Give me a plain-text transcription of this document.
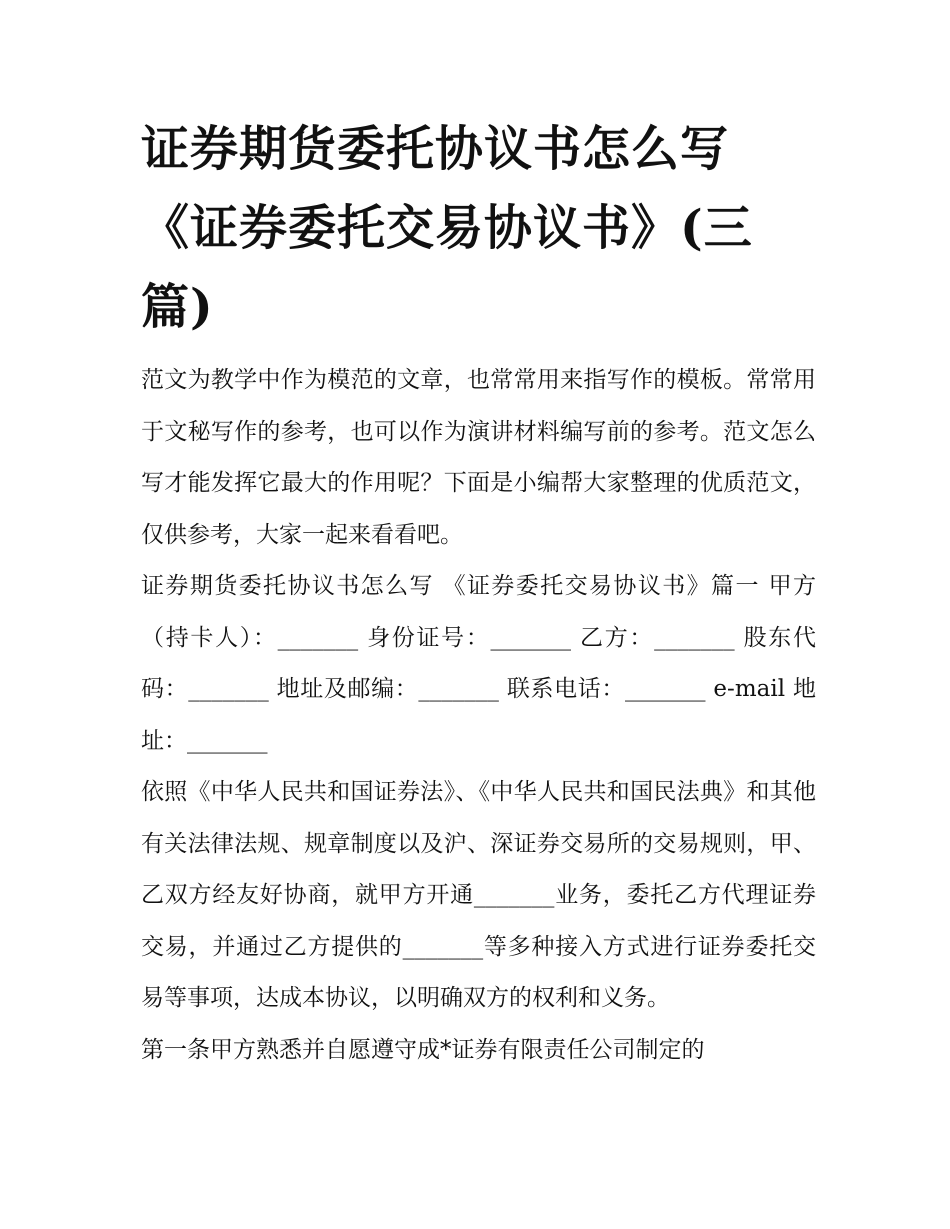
证券期货委托协议书怎么写《证券委托交易协议书》(三篇)

范文为教学中作为模范的文章，也常常用来指写作的模板。常常用于文秘写作的参考，也可以作为演讲材料编写前的参考。范文怎么写才能发挥它最大的作用呢？下面是小编帮大家整理的优质范文，仅供参考，大家一起来看看吧。

证券期货委托协议书怎么写 《证券委托交易协议书》篇一 甲方（持卡人）：_______ 身份证号：_______ 乙方：_______ 股东代码：_______ 地址及邮编：_______ 联系电话：_______ e-mail 地址：_______

依照《中华人民共和国证券法》、《中华人民共和国民法典》和其他有关法律法规、规章制度以及沪、深证券交易所的交易规则，甲、乙双方经友好协商，就甲方开通_______业务，委托乙方代理证券交易，并通过乙方提供的_______等多种接入方式进行证券委托交易等事项，达成本协议，以明确双方的权利和义务。

第一条甲方熟悉并自愿遵守成*证券有限责任公司制定的
